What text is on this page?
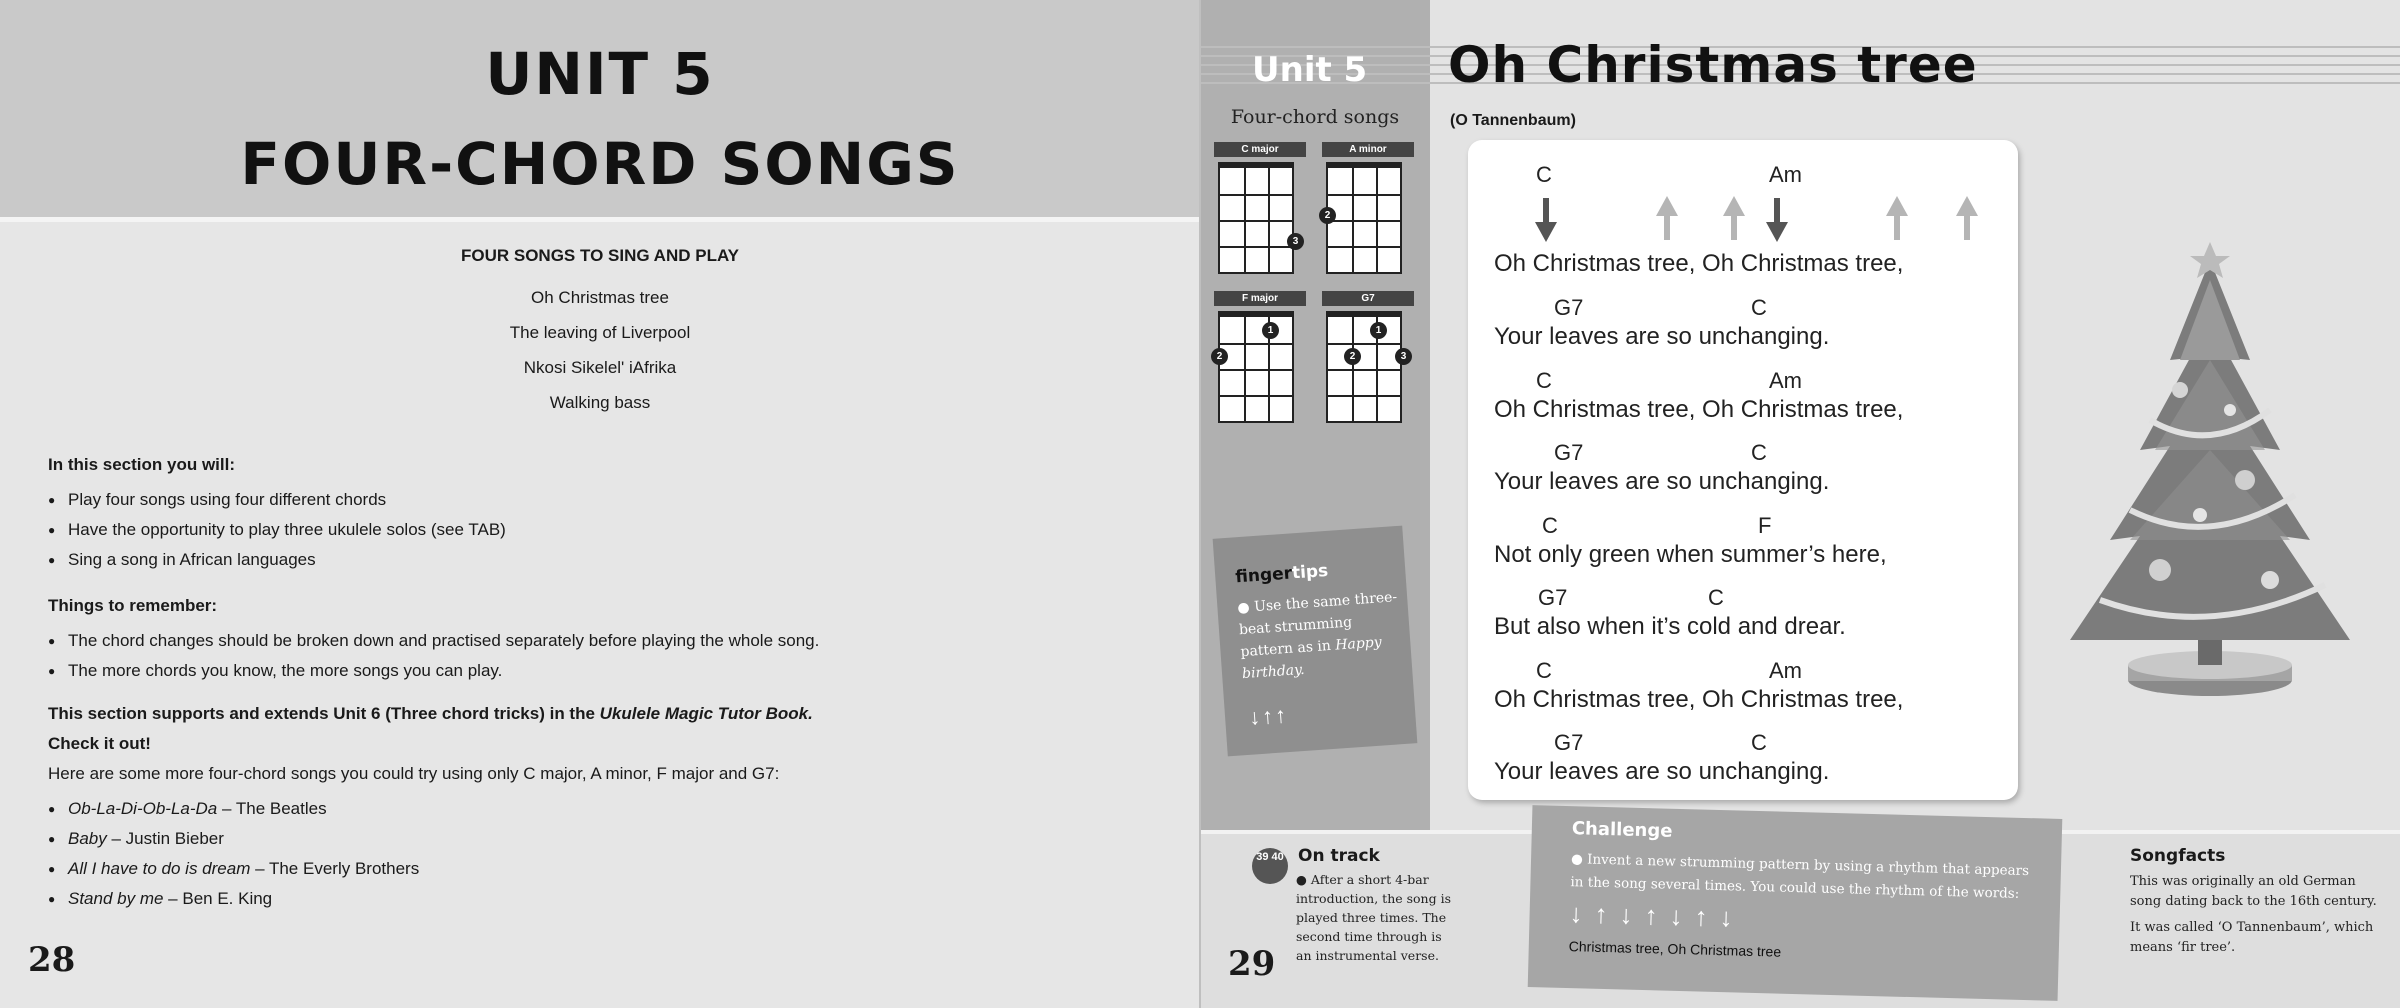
UNIT 5
FOUR-CHORD SONGS
FOUR SONGS TO SING AND PLAY
Oh Christmas tree
The leaving of Liverpool
Nkosi Sikelel' iAfrika
Walking bass
In this section you will:
● Play four songs using four different chords
● Have the opportunity to play three ukulele solos (see TAB)
● Sing a song in African languages
Things to remember:
● The chord changes should be broken down and practised separately before playing the whole song.
● The more chords you know, the more songs you can play.
This section supports and extends Unit 6 (Three chord tricks) in the Ukulele Magic Tutor Book.
Check it out!
Here are some more four-chord songs you could try using only C major, A minor, F major and G7:
● Ob-La-Di-Ob-La-Da – The Beatles
● Baby – Justin Bieber
● All I have to do is dream – The Everly Brothers
● Stand by me – Ben E. King
28
Unit 5
Four-chord songs
C major
3
A minor
2
F major
1
2
G7
1
2	3
Oh Christmas tree
(O Tannenbaum)
C	Am
Oh Christmas tree, Oh Christmas tree,
G7	C
Your leaves are so unchanging.
C	Am
Oh Christmas tree, Oh Christmas tree,
G7	C
Your leaves are so unchanging.
C	F
Not only green when summer’s here,
G7	C
But also when it’s cold and drear.
C	Am
Oh Christmas tree, Oh Christmas tree,
G7	C
Your leaves are so unchanging.
fingertips
● Use the same three-beat strumming pattern as in Happy birthday.
↓↑↑
39 40 On track
● After a short 4-bar introduction, the song is played three times. The second time through is an instrumental verse.
29
Challenge
● Invent a new strumming pattern by using a rhythm that appears in the song several times. You could use the rhythm of the words:
↓↑↓↑↓↑↓
Christmas tree, Oh Christmas tree
Songfacts

This was originally an old German song dating back to the 16th century.

It was called ‘O Tannenbaum’, which means ‘fir tree’.
